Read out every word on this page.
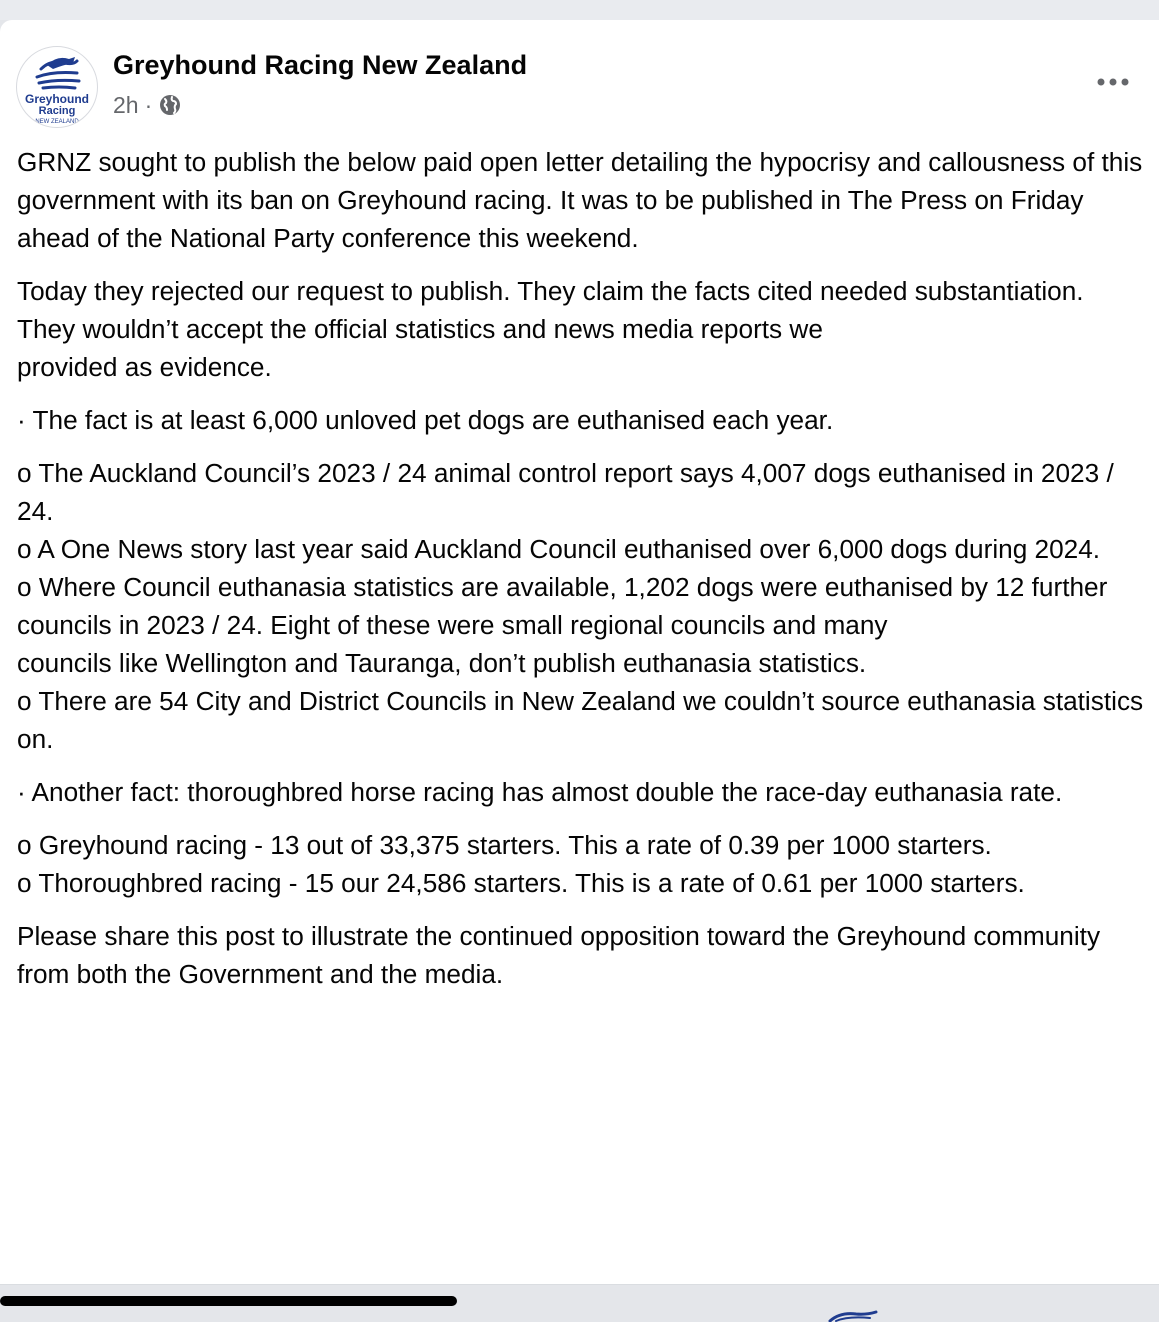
Greyhound
Racing
NEW ZEALAND
Greyhound Racing New Zealand
2h ·

GRNZ sought to publish the below paid open letter detailing the hypocrisy and callousness of this government with its ban on Greyhound racing. It was to be published in The Press on Friday

ahead of the National Party conference this weekend.

Today they rejected our request to publish. They claim the facts cited needed substantiation. They wouldn’t accept the official statistics and news media reports we

provided as evidence.

· The fact is at least 6,000 unloved pet dogs are euthanised each year.

o The Auckland Council’s 2023 / 24 animal control report says 4,007 dogs euthanised in 2023 / 24.

o A One News story last year said Auckland Council euthanised over 6,000 dogs during 2024.

o Where Council euthanasia statistics are available, 1,202 dogs were euthanised by 12 further councils in 2023 / 24. Eight of these were small regional councils and many

councils like Wellington and Tauranga, don’t publish euthanasia statistics.

o There are 54 City and District Councils in New Zealand we couldn’t source euthanasia statistics on.

· Another fact: thoroughbred horse racing has almost double the race-day euthanasia rate.

o Greyhound racing - 13 out of 33,375 starters. This a rate of 0.39 per 1000 starters.

o Thoroughbred racing - 15 our 24,586 starters. This is a rate of 0.61 per 1000 starters.

Please share this post to illustrate the continued opposition toward the Greyhound community from both the Government and the media.
